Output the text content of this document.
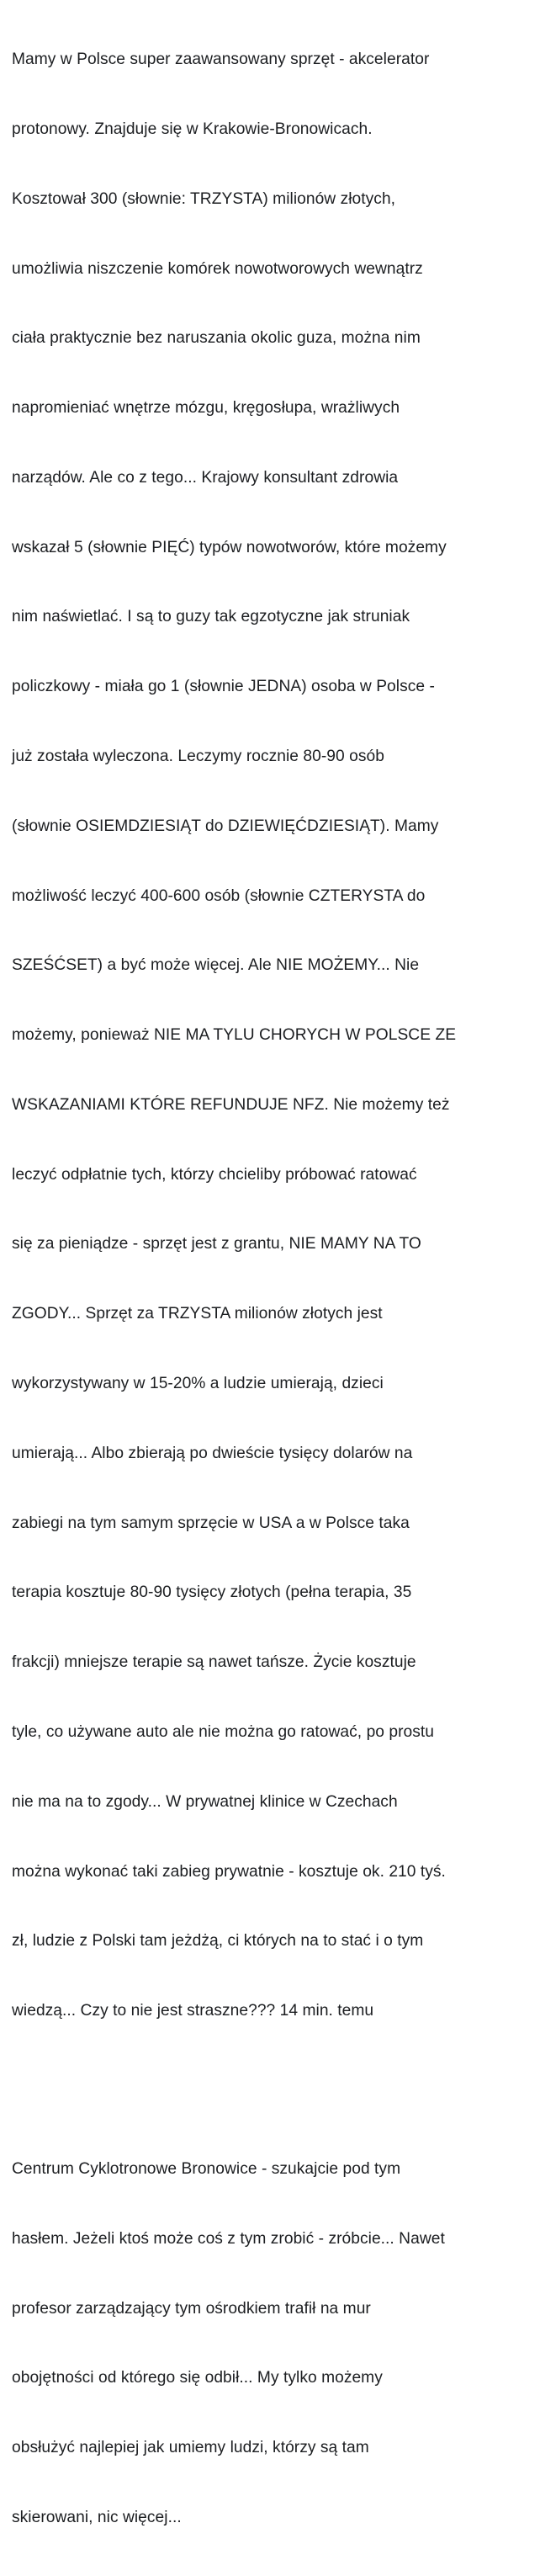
Mamy w Polsce super zaawansowany sprzęt - akcelerator

protonowy. Znajduje się w Krakowie-Bronowicach.

Kosztował 300 (słownie: TRZYSTA) milionów złotych,

umożliwia niszczenie komórek nowotworowych wewnątrz

ciała praktycznie bez naruszania okolic guza, można nim

napromieniać wnętrze mózgu, kręgosłupa, wrażliwych

narządów. Ale co z tego... Krajowy konsultant zdrowia

wskazał 5 (słownie PIĘĆ) typów nowotworów, które możemy

nim naświetlać. I są to guzy tak egzotyczne jak struniak

policzkowy - miała go 1 (słownie JEDNA) osoba w Polsce -

już została wyleczona. Leczymy rocznie 80-90 osób

(słownie OSIEMDZIESIĄT do DZIEWIĘĆDZIESIĄT). Mamy

możliwość leczyć 400-600 osób (słownie CZTERYSTA do

SZEŚĆSET) a być może więcej. Ale NIE MOŻEMY... Nie

możemy, ponieważ NIE MA TYLU CHORYCH W POLSCE ZE

WSKAZANIAMI KTÓRE REFUNDUJE NFZ. Nie możemy też

leczyć odpłatnie tych, którzy chcieliby próbować ratować

się za pieniądze - sprzęt jest z grantu, NIE MAMY NA TO

ZGODY... Sprzęt za TRZYSTA milionów złotych jest

wykorzystywany w 15-20% a ludzie umierają, dzieci

umierają... Albo zbierają po dwieście tysięcy dolarów na

zabiegi na tym samym sprzęcie w USA a w Polsce taka

terapia kosztuje 80-90 tysięcy złotych (pełna terapia, 35

frakcji) mniejsze terapie są nawet tańsze. Życie kosztuje

tyle, co używane auto ale nie można go ratować, po prostu

nie ma na to zgody... W prywatnej klinice w Czechach

można wykonać taki zabieg prywatnie - kosztuje ok. 210 tyś.

zł, ludzie z Polski tam jeżdżą, ci których na to stać i o tym

wiedzą... Czy to nie jest straszne??? 14 min. temu

Centrum Cyklotronowe Bronowice - szukajcie pod tym

hasłem. Jeżeli ktoś może coś z tym zrobić - zróbcie... Nawet

profesor zarządzający tym ośrodkiem trafił na mur

obojętności od którego się odbił... My tylko możemy

obsłużyć najlepiej jak umiemy ludzi, którzy są tam

skierowani, nic więcej...
